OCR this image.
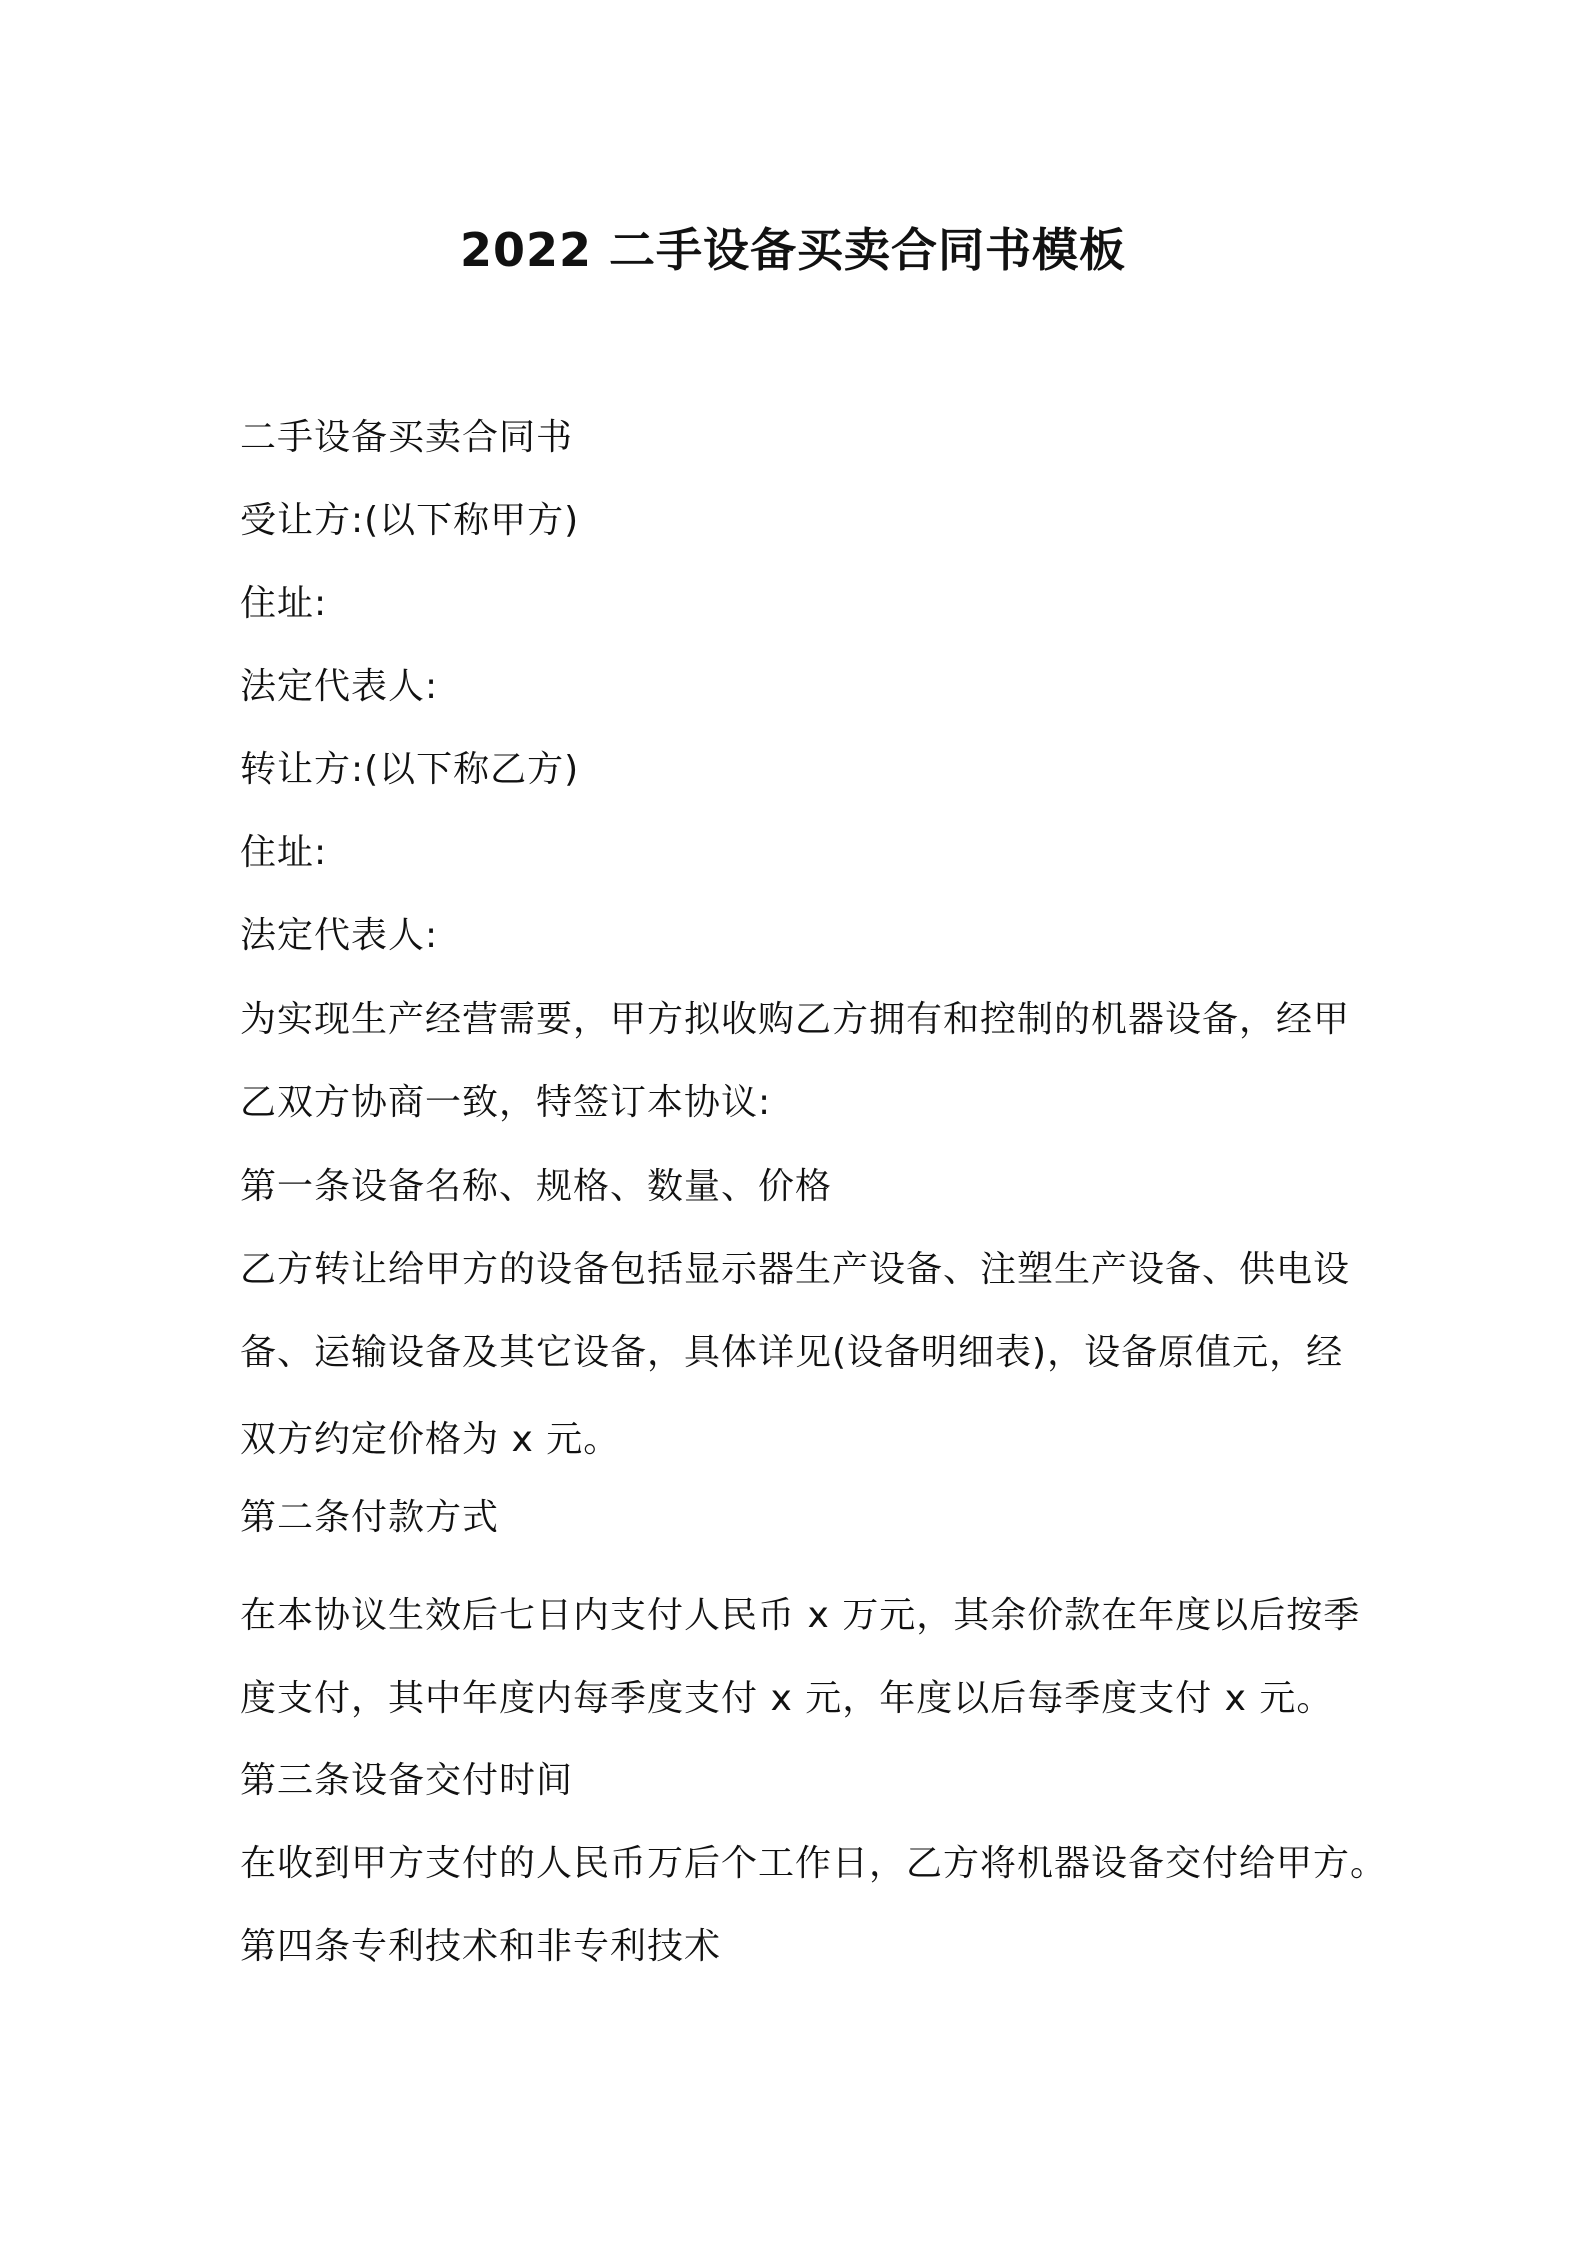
2022 二手设备买卖合同书模板
二手设备买卖合同书
受让方:(以下称甲方)
住址:
法定代表人:
转让方:(以下称乙方)
住址:
法定代表人:
为实现生产经营需要，甲方拟收购乙方拥有和控制的机器设备，经甲
乙双方协商一致，特签订本协议:
第一条设备名称、规格、数量、价格
乙方转让给甲方的设备包括显示器生产设备、注塑生产设备、供电设
备、运输设备及其它设备，具体详见(设备明细表)，设备原值元，经
双方约定价格为 x 元。
第二条付款方式
在本协议生效后七日内支付人民币 x 万元，其余价款在年度以后按季
度支付，其中年度内每季度支付 x 元，年度以后每季度支付 x 元。
第三条设备交付时间
在收到甲方支付的人民币万后个工作日，乙方将机器设备交付给甲方。
第四条专利技术和非专利技术
